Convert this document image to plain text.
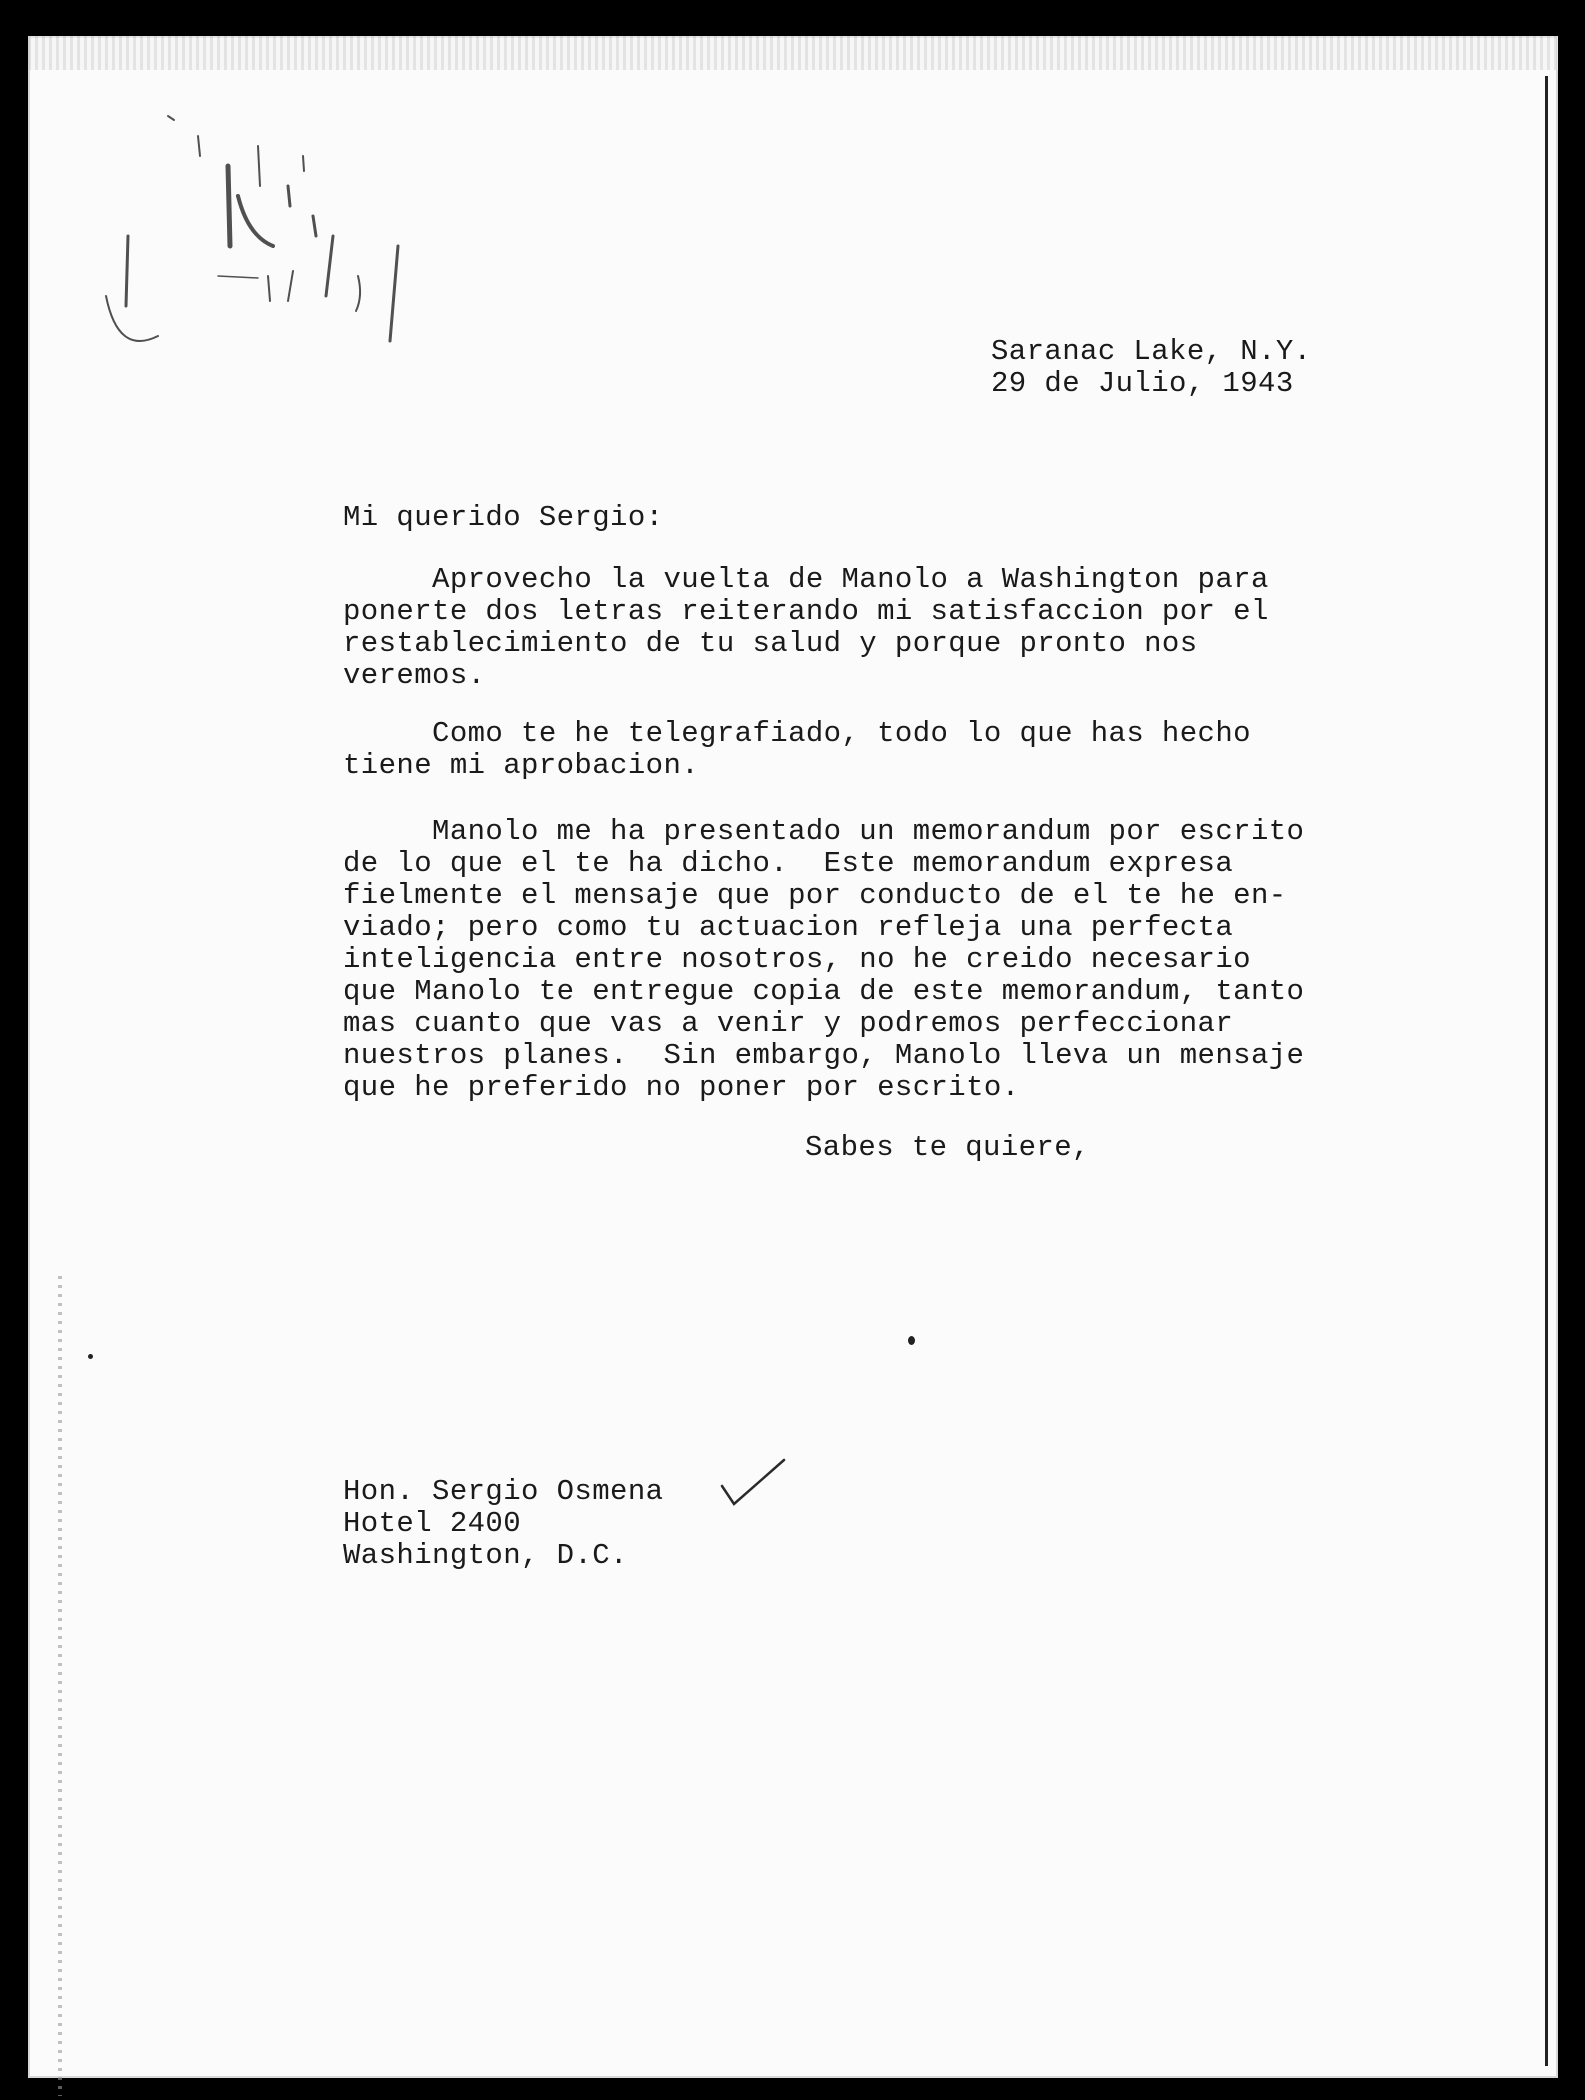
Saranac Lake, N.Y.
29 de Julio, 1943
Mi querido Sergio:
Aprovecho la vuelta de Manolo a Washington para
ponerte dos letras reiterando mi satisfaccion por el
restablecimiento de tu salud y porque pronto nos
veremos.
Como te he telegrafiado, todo lo que has hecho
tiene mi aprobacion.
Manolo me ha presentado un memorandum por escrito
de lo que el te ha dicho.  Este memorandum expresa
fielmente el mensaje que por conducto de el te he en-
viado; pero como tu actuacion refleja una perfecta
inteligencia entre nosotros, no he creido necesario
que Manolo te entregue copia de este memorandum, tanto
mas cuanto que vas a venir y podremos perfeccionar
nuestros planes.  Sin embargo, Manolo lleva un mensaje
que he preferido no poner por escrito.
Sabes te quiere,
Hon. Sergio Osmena
Hotel 2400
Washington, D.C.
